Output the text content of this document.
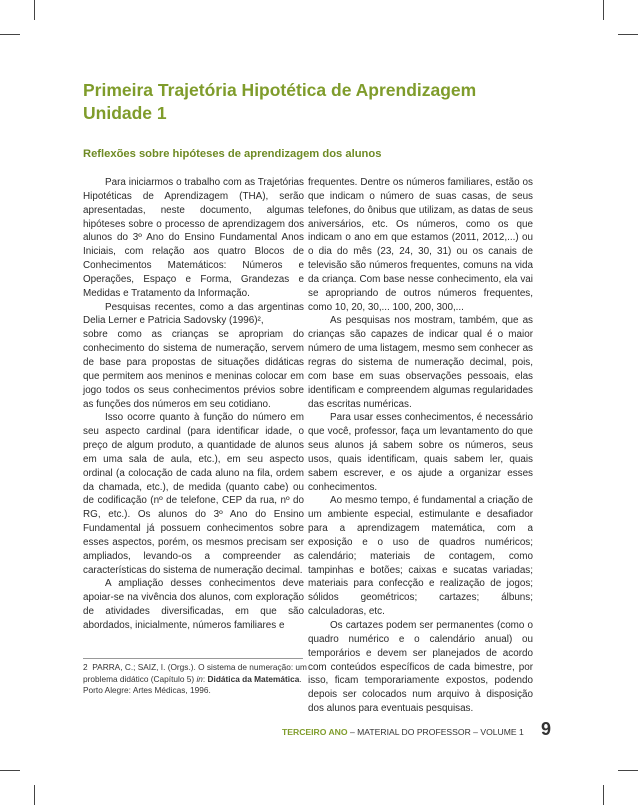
Primeira Trajetória Hipotética de Aprendizagem
Unidade 1
Reflexões sobre hipóteses de aprendizagem dos alunos

Para iniciarmos o trabalho com as Trajetórias Hipotéticas de Aprendizagem (THA), serão apresentadas, neste documento, algumas hipóteses sobre o processo de aprendizagem dos alunos do 3º Ano do Ensino Fundamental Anos Iniciais, com relação aos quatro Blocos de Conhecimentos Matemáticos: Números e Operações, Espaço e Forma, Grandezas e Medidas e Tratamento da Informação.

Pesquisas recentes, como a das argentinas Delia Lerner e Patricia Sadovsky (1996)²,

sobre como as crianças se apropriam do conhecimento do sistema de numeração, servem de base para propostas de situações didáticas que permitem aos meninos e meninas colocar em jogo todos os seus conhecimentos prévios sobre as funções dos números em seu cotidiano.

Isso ocorre quanto à função do número em seu aspecto cardinal (para identificar idade, o preço de algum produto, a quantidade de alunos em uma sala de aula, etc.), em seu aspecto ordinal (a colocação de cada aluno na fila, ordem da chamada, etc.), de medida (quanto cabe) ou de codificação (nº de telefone, CEP da rua, nº do RG, etc.). Os alunos do 3º Ano do Ensino Fundamental já possuem conhecimentos sobre esses aspectos, porém, os mesmos precisam ser ampliados, levando-os a compreender as características do sistema de numeração decimal.

A ampliação desses conhecimentos deve apoiar-se na vivência dos alunos, com exploração de atividades diversificadas, em que são abordados, inicialmente, números familiares e

frequentes. Dentre os números familiares, estão os que indicam o número de suas casas, de seus telefones, do ônibus que utilizam, as datas de seus aniversários, etc. Os números, como os que indicam o ano em que estamos (2011, 2012,...) ou o dia do mês (23, 24, 30, 31) ou os canais de televisão são números frequentes, comuns na vida da criança. Com base nesse conhecimento, ela vai se apropriando de outros números frequentes, como 10, 20, 30,... 100, 200, 300,...

As pesquisas nos mostram, também, que as crianças são capazes de indicar qual é o maior número de uma listagem, mesmo sem conhecer as regras do sistema de numeração decimal, pois, com base em suas observações pessoais, elas identificam e compreendem algumas regularidades das escritas numéricas.

Para usar esses conhecimentos, é necessário que você, professor, faça um levantamento do que seus alunos já sabem sobre os números, seus usos, quais identificam, quais sabem ler, quais sabem escrever, e os ajude a organizar esses conhecimentos.

Ao mesmo tempo, é fundamental a criação de um ambiente especial, estimulante e desafiador para a aprendizagem matemática, com a exposição e o uso de quadros numéricos; calendário; materiais de contagem, como tampinhas e botões; caixas e sucatas variadas; materiais para confecção e realização de jogos; sólidos geométricos; cartazes; álbuns; calculadoras, etc.

Os cartazes podem ser permanentes (como o quadro numérico e o calendário anual) ou temporários e devem ser planejados de acordo com conteúdos específicos de cada bimestre, por isso, ficam temporariamente expostos, podendo depois ser colocados num arquivo à disposição dos alunos para eventuais pesquisas.

2 PARRA, C.; SAIZ, I. (Orgs.). O sistema de numeração: um problema didático (Capítulo 5) in: Didática da Matemática. Porto Alegre: Artes Médicas, 1996.
TERCEIRO ANO – MATERIAL DO PROFESSOR – VOLUME 1 9
